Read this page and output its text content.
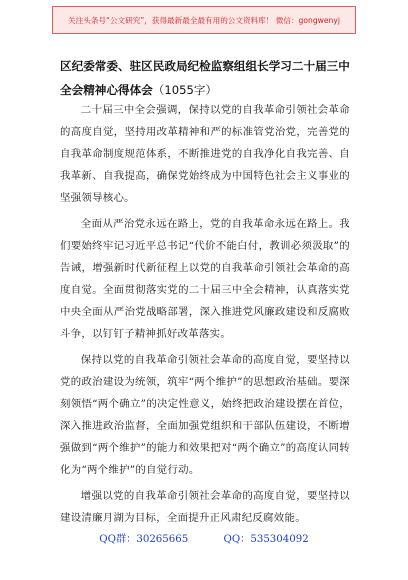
关注头条号“公文研究”，获得最新最全最有用的公文资料库！ 微信：gongwenyj
区纪委常委、驻区民政局纪检监察组组长学习二十届三中
全会精神心得体会（1055字）

二十届三中全会强调，保持以党的自我革命引领社会革命的高度自觉，坚持用改革精神和严的标准管党治党，完善党的自我革命制度规范体系，不断推进党的自我净化自我完善、自我革新、自我提高，确保党始终成为中国特色社会主义事业的坚强领导核心。

全面从严治党永远在路上，党的自我革命永远在路上。我们要始终牢记习近平总书记“代价不能白付，教训必须汲取”的告诫，增强新时代新征程上以党的自我革命引领社会革命的高度自觉。全面贯彻落实党的二十届三中全会精神，认真落实党中央全面从严治党战略部署，深入推进党风廉政建设和反腐败斗争，以钉钉子精神抓好改革落实。

保持以党的自我革命引领社会革命的高度自觉，要坚持以党的政治建设为统领，筑牢“两个维护”的思想政治基础。要深刻领悟“两个确立”的决定性意义，始终把政治建设摆在首位，深入推进政治监督，全面加强党组织和干部队伍建设，不断增强做到“两个维护”的能力和效果把对“两个确立”的高度认同转化为“两个维护”的自觉行动。

增强以党的自我革命引领社会革命的高度自觉，要坚持以建设清廉月湖为目标，全面提升正风肃纪反腐效能。

QQ群：30265665	QQ：535304092
